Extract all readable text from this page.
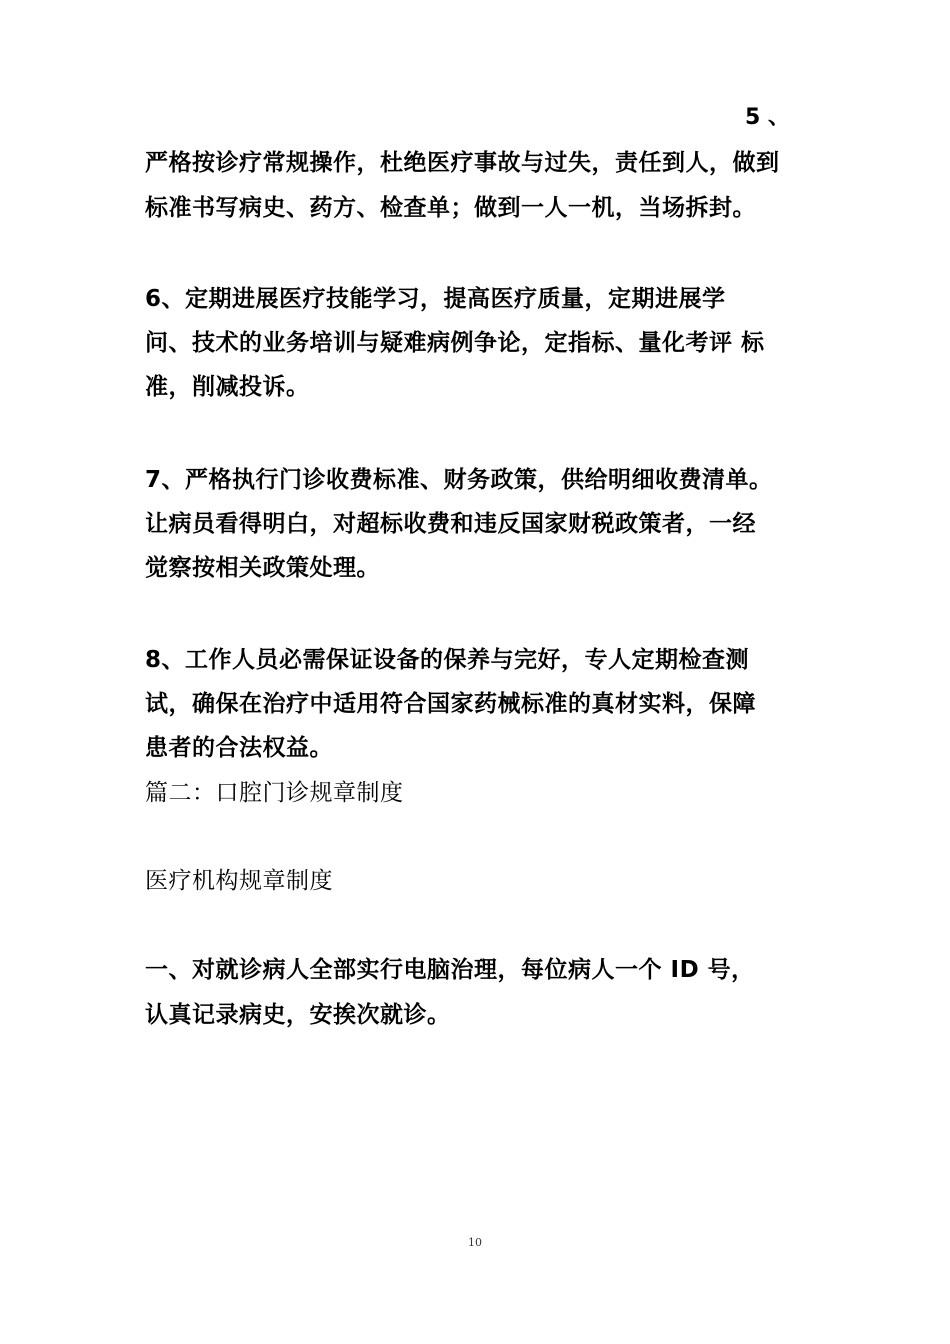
5 、
严格按诊疗常规操作，杜绝医疗事故与过失，责任到人，做到
标准书写病史、药方、检查单；做到一人一机，当场拆封。
6、定期进展医疗技能学习，提高医疗质量，定期进展学
问、技术的业务培训与疑难病例争论，定指标、量化考评 标
准，削减投诉。
7、严格执行门诊收费标准、财务政策，供给明细收费清单。
让病员看得明白，对超标收费和违反国家财税政策者，一经
觉察按相关政策处理。
8、工作人员必需保证设备的保养与完好，专人定期检查测
试，确保在治疗中适用符合国家药械标准的真材实料，保障
患者的合法权益。
篇二：口腔门诊规章制度
医疗机构规章制度
一、对就诊病人全部实行电脑治理，每位病人一个 ID 号，
认真记录病史，安挨次就诊。
10
